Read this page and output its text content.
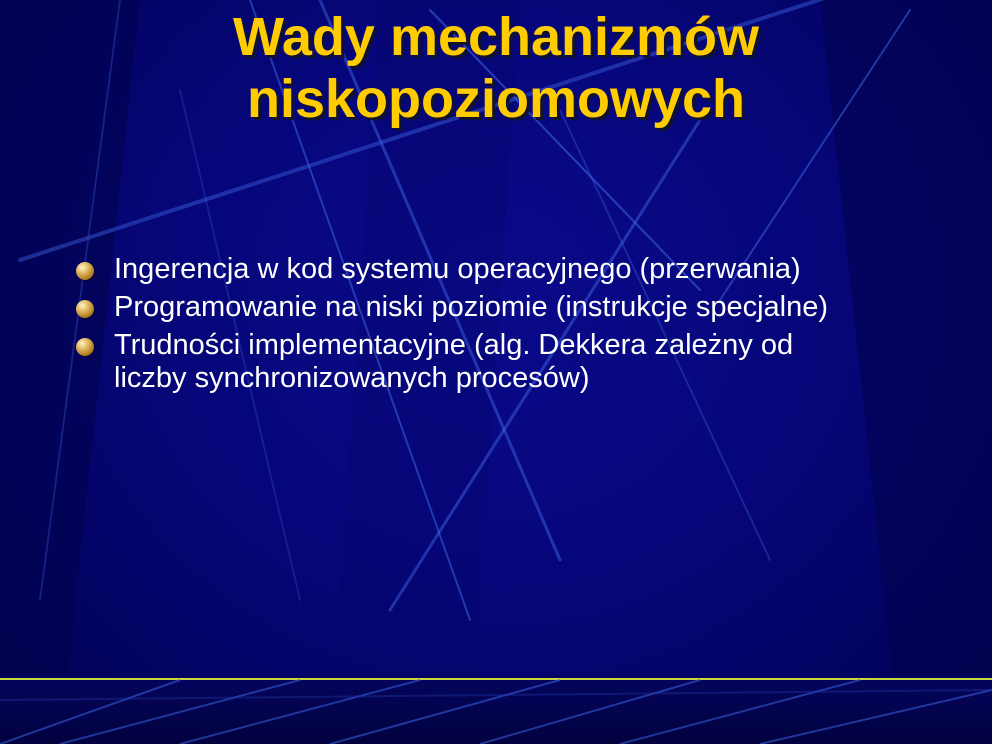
Wady mechanizmów
niskopoziomowych
Ingerencja w kod systemu operacyjnego (przerwania)
Programowanie na niski poziomie (instrukcje specjalne)
Trudności implementacyjne (alg. Dekkera zależny od liczby synchronizowanych procesów)
